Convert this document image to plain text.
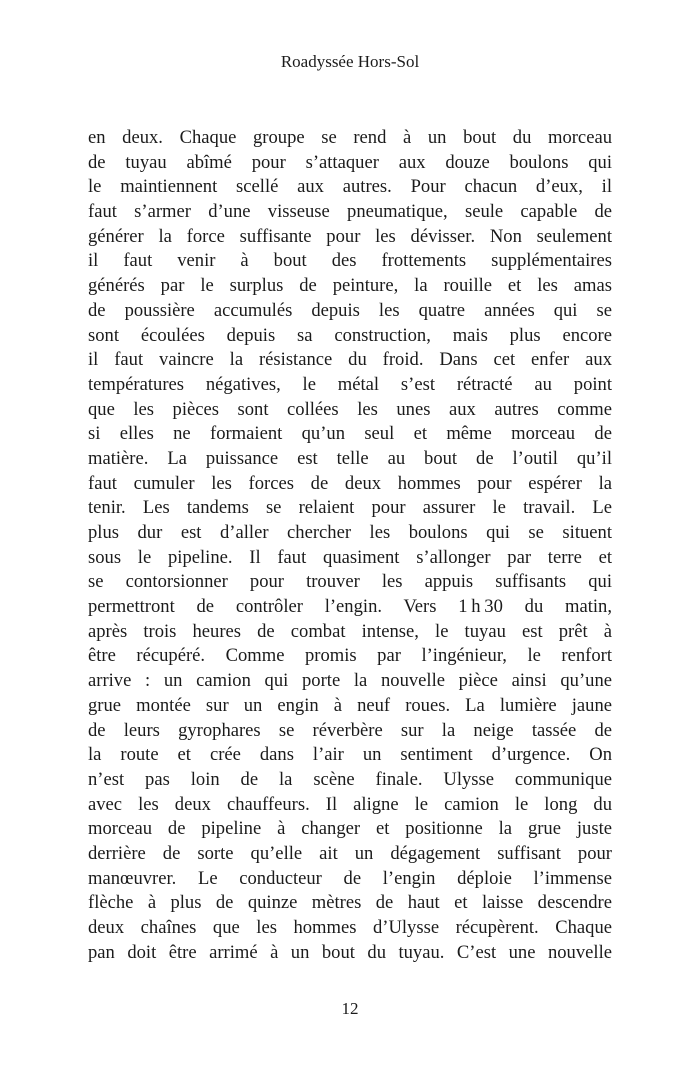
Roadyssée Hors-Sol
en deux. Chaque groupe se rend à un bout du morceau
de tuyau abîmé pour s’attaquer aux douze boulons qui
le maintiennent scellé aux autres. Pour chacun d’eux, il
faut s’armer d’une visseuse pneumatique, seule capable de
générer la force suffisante pour les dévisser. Non seulement
il faut venir à bout des frottements supplémentaires
générés par le surplus de peinture, la rouille et les amas
de poussière accumulés depuis les quatre années qui se
sont écoulées depuis sa construction, mais plus encore
il faut vaincre la résistance du froid. Dans cet enfer aux
températures négatives, le métal s’est rétracté au point
que les pièces sont collées les unes aux autres comme
si elles ne formaient qu’un seul et même morceau de
matière. La puissance est telle au bout de l’outil qu’il
faut cumuler les forces de deux hommes pour espérer la
tenir. Les tandems se relaient pour assurer le travail. Le
plus dur est d’aller chercher les boulons qui se situent
sous le pipeline. Il faut quasiment s’allonger par terre et
se contorsionner pour trouver les appuis suffisants qui
permettront de contrôler l’engin. Vers 1 h 30 du matin,
après trois heures de combat intense, le tuyau est prêt à
être récupéré. Comme promis par l’ingénieur, le renfort
arrive : un camion qui porte la nouvelle pièce ainsi qu’une
grue montée sur un engin à neuf roues. La lumière jaune
de leurs gyrophares se réverbère sur la neige tassée de
la route et crée dans l’air un sentiment d’urgence. On
n’est pas loin de la scène finale. Ulysse communique
avec les deux chauffeurs. Il aligne le camion le long du
morceau de pipeline à changer et positionne la grue juste
derrière de sorte qu’elle ait un dégagement suffisant pour
manœuvrer. Le conducteur de l’engin déploie l’immense
flèche à plus de quinze mètres de haut et laisse descendre
deux chaînes que les hommes d’Ulysse récupèrent. Chaque
pan doit être arrimé à un bout du tuyau. C’est une nouvelle
12
